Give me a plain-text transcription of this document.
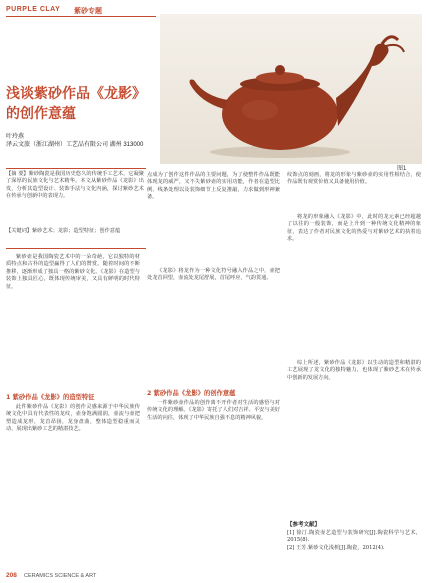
PURPLE CLAY 紫砂专题
图1
浅谈紫砂作品《龙影》
的创作意蕴
叶玲燕
泽云文旅（浙江湖州）工艺品有限公司 湖州 313000
【摘 要】紫砂陶瓷是我国历史悠久的传统手工艺术，它凝聚了深厚的民族文化与艺术精华。本文从紫砂作品《龙影》出发，分析其造型设计、装饰手法与文化内涵，探讨紫砂艺术在传承与创新中的表现力。
【关键词】紫砂艺术；龙影；造型特征；创作意蕴
紫砂壶是我国陶瓷艺术中的一朵奇葩，它以独特的材质特点和古朴的造型赢得了人们的赞赏。随着时间的不断推移，逐渐形成了独具一格的紫砂文化。《龙影》在造型与装饰上独具匠心，既体现传统审美，又具有鲜明的时代特征。
1 紫砂作品《龙影》的造型特征
此件紫砂作品《龙影》的创作灵感来源于中华民族传统文化中具有代表性的龙纹，壶身饱满圆润，壶流与壶把塑造成龙形，龙首昂扬，龙身盘曲，整体造型稳重而灵动，展现出紫砂工艺的精湛技艺。
点成为了创作这件作品的主要问题，为了使整件作品既能体现龙的威严，又不失紫砂壶的实用功能，作者在造型比例、线条处理以及装饰细节上反复推敲，力求做到形神兼备。
《龙影》将龙作为一种文化符号融入作品之中，壶把处龙首回望，壶流处龙尾舒展，首尾呼应，气韵贯通。
2 紫砂作品《龙影》的创作意蕴
一件紫砂壶作品的创作离不开作者对生活的感悟与对传统文化的理解。《龙影》寄托了人们对吉祥、平安与美好生活的向往，体现了中华民族自强不息的精神风貌。
纹饰点的刻画，将龙的形象与紫砂壶的实用性相结合，使作品既有观赏价值又具备使用价值。
将龙的形象融入《龙影》中，此时的龙元素已经超越了以往的一般装饰，而是上升到一种传统文化精神的象征，表达了作者对民族文化的热爱与对紫砂艺术的执着追求。
综上所述，紫砂作品《龙影》以生动的造型和精湛的工艺展现了龙文化的独特魅力，也体现了紫砂艺术在传承中创新的发展方向。
【参考文献】
[1] 徐汀.陶瓷壶艺造型与装饰研究[J].陶瓷科学与艺术，2015(8).
[2] 王芳.紫砂文化浅析[J].陶瓷，2012(4).
208 CERAMICS SCIENCE & ART
